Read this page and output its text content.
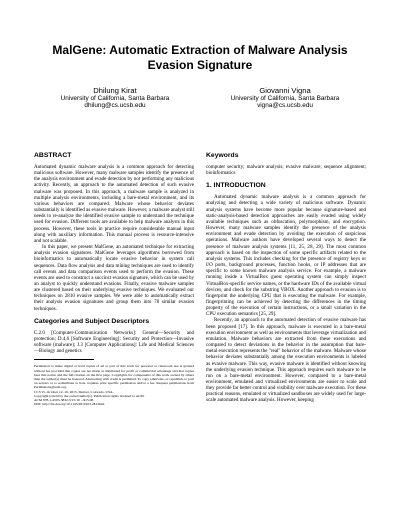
MalGene: Automatic Extraction of Malware Analysis
Evasion Signature
Dhilung Kirat
University of California, Santa Barbara
dhilung@cs.ucsb.edu
Giovanni Vigna
University of California, Santa Barbara
vigna@cs.ucsb.edu
ABSTRACT

Automated dynamic malware analysis is a common approach for detecting malicious software. However, many malware samples identify the presence of the analysis environment and evade detection by not performing any malicious activity. Recently, an approach to the automated detection of such evasive malware was proposed. In this approach, a malware sample is analyzed in multiple analysis environments, including a bare-metal environment, and its various behaviors are compared. Malware whose behavior deviates substantially is identified as evasive malware. However, a malware analyst still needs to re-analyze the identified evasive sample to understand the technique used for evasion. Different tools are available to help malware analysts in this process. However, these tools in practice require considerable manual input along with auxiliary information. This manual process is resource-intensive and not scalable.

In this paper, we present MalGene, an automated technique for extracting analysis evasion signatures. MalGene leverages algorithms borrowed from bioinformatics to automatically locate evasive behavior in system call sequences. Data flow analysis and data mining techniques are used to identify call events and data comparison events used to perform the evasion. These events are used to construct a succinct evasion signature, which can be used by an analyst to quickly understand evasions. Finally, evasive malware samples are clustered based on their underlying evasive techniques. We evaluated our techniques on 2810 evasive samples. We were able to automatically extract their analysis evasion signatures and group them into 78 similar evasion techniques.

Categories and Subject Descriptors

C.2.0 [Computer-Communication Networks]: General—Security and protection; D.4.6 [Software Engineering]: Security and Protection—Invasive software (malware); J.3 [Computer Applications]: Life and Medical Sciences—Biology and genetics

Permission to make digital or hard copies of all or part of this work for personal or classroom use is granted without fee provided that copies are not made or distributed for profit or commercial advantage and that copies bear this notice and the full citation on the first page. Copyrights for components of this work owned by others than the author(s) must be honored. Abstracting with credit is permitted. To copy otherwise, or republish, to post on servers or to redistribute to lists, requires prior specific permission and/or a fee. Request permissions from Permissions@acm.org.
CCS'15, October 12–16, 2015, Denver, Colorado, USA.
Copyright is held by the owner/author(s). Publication rights licensed to ACM.
ACM 978-1-4503-3832-5/15/10 ...$15.00.
DOI: http://dx.doi.org/10.1145/2810103.2813642.
Keywords

computer security; malware analysis; evasive malware; sequence alignment; bioinformatics

1. INTRODUCTION

Automated dynamic malware analysis is a common approach for analyzing and detecting a wide variety of malicious software. Dynamic analysis systems have become more popular because signature-based and static-analysis-based detection approaches are easily evaded using widely available techniques such as obfuscation, polymorphism, and encryption. However, many malware samples identify the presence of the analysis environment and evade detection by avoiding the execution of suspicious operations. Malware authors have developed several ways to detect the presence of malware analysis systems [11, 25, 28, 29]. The most common approach is based on the inspection of some specific artifacts related to the analysis systems. This includes checking for the presence of registry keys or I/O ports, background processes, function hooks, or IP addresses that are specific to some known malware analysis service. For example, a malware running inside a VirtualBox guest operating system can simply inspect VirtualBox-specific service names, or the hardware IDs of the available virtual devices, and check for the substring VBOX. Another approach to evasion is to fingerprint the underlying CPU that is executing the malware. For example, fingerprinting can be achieved by detecting the differences in the timing property of the execution of certain instructions, or a small variation in the CPU execution semantics [25, 29].

Recently, an approach to the automated detection of evasive malware has been proposed [17]. In this approach, malware is executed in a bare-metal execution environment as well as environments that leverage virtualization and emulation. Malware behaviors are extracted from these executions and compared to detect deviations in the behavior in the assumption that bare-metal execution represents the "real" behavior of the malware. Malware whose behavior deviates substantially among the execution environments is labeled as evasive malware. This way, evasive malware is identified without knowing the underlying evasion technique. This approach requires each malware to be run on a bare-metal environment. However, compared to a bare-metal environment, emulated and virtualized environments are easier to scale and they provide far better control and visibility over malware execution. For these practical reasons, emulated or virtualized sandboxes are widely used for large-scale automated malware analysis. However, keeping
